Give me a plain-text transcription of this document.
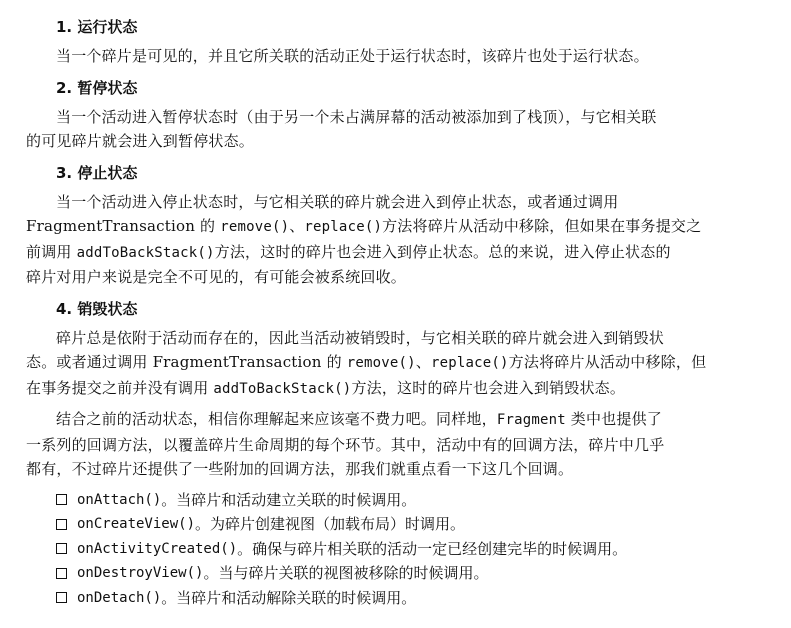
1. 运行状态

当一个碎片是可见的，并且它所关联的活动正处于运行状态时，该碎片也处于运行状态。

2. 暂停状态

当一个活动进入暂停状态时（由于另一个未占满屏幕的活动被添加到了栈顶），与它相关联
的可见碎片就会进入到暂停状态。

3. 停止状态

当一个活动进入停止状态时，与它相关联的碎片就会进入到停止状态，或者通过调用
FragmentTransaction 的 remove()、replace()方法将碎片从活动中移除，但如果在事务提交之
前调用 addToBackStack()方法，这时的碎片也会进入到停止状态。总的来说，进入停止状态的
碎片对用户来说是完全不可见的，有可能会被系统回收。

4. 销毁状态

碎片总是依附于活动而存在的，因此当活动被销毁时，与它相关联的碎片就会进入到销毁状
态。或者通过调用 FragmentTransaction 的 remove()、replace()方法将碎片从活动中移除，但
在事务提交之前并没有调用 addToBackStack()方法，这时的碎片也会进入到销毁状态。

结合之前的活动状态，相信你理解起来应该毫不费力吧。同样地，Fragment 类中也提供了
一系列的回调方法，以覆盖碎片生命周期的每个环节。其中，活动中有的回调方法，碎片中几乎
都有，不过碎片还提供了一些附加的回调方法，那我们就重点看一下这几个回调。

onAttach() 。当碎片和活动建立关联的时候调用。
onCreateView() 。为碎片创建视图（加载布局）时调用。
onActivityCreated() 。确保与碎片相关联的活动一定已经创建完毕的时候调用。
onDestroyView() 。当与碎片关联的视图被移除的时候调用。
onDetach() 。当碎片和活动解除关联的时候调用。
